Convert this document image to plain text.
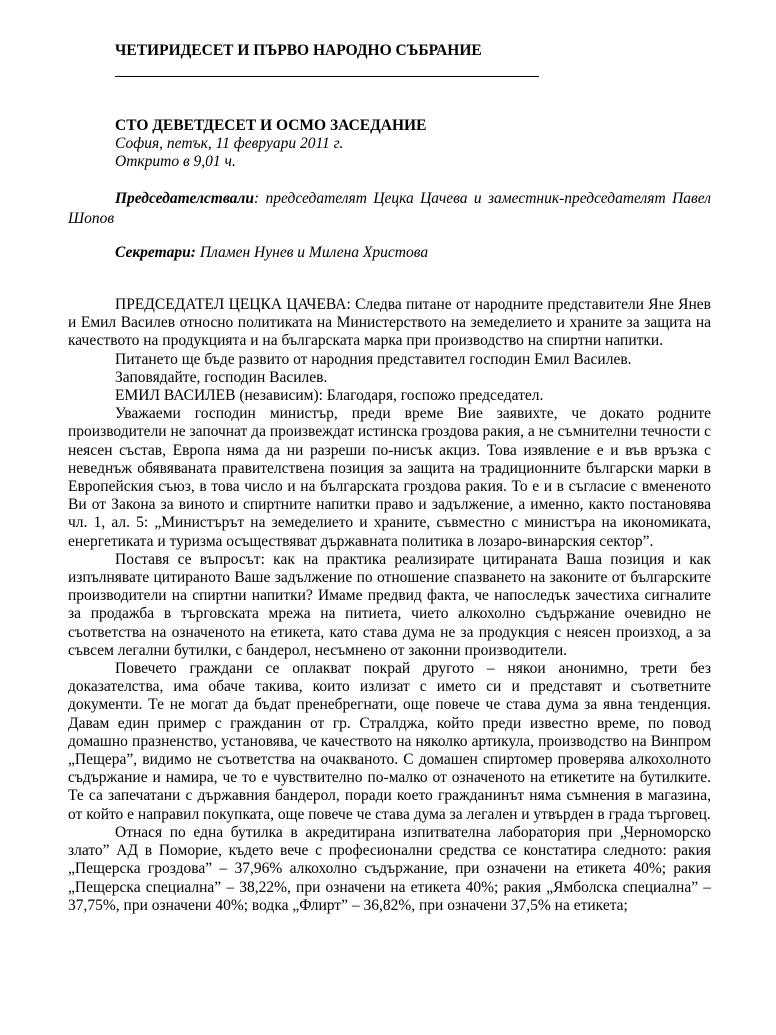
ЧЕТИРИДЕСЕТ И ПЪРВО НАРОДНО СЪБРАНИЕ
СТО ДЕВЕТДЕСЕТ И ОСМО ЗАСЕДАНИЕ
София, петък, 11 февруари 2011 г.
Открито в 9,01 ч.
Председателствали: председателят Цецка Цачева и заместник-председателят Павел Шопов
Секретари: Пламен Нунев и Милена Христова

ПРЕДСЕДАТЕЛ ЦЕЦКА ЦАЧЕВА: Следва питане от народните представители Яне Янев и Емил Василев относно политиката на Министерството на земеделието и храните за защита на качеството на продукцията и на българската марка при производство на спиртни напитки.

Питането ще бъде развито от народния представител господин Емил Василев.

Заповядайте, господин Василев.

ЕМИЛ ВАСИЛЕВ (независим): Благодаря, госпожо председател.

Уважаеми господин министър, преди време Вие заявихте, че докато родните производители не започнат да произвеждат истинска гроздова ракия, а не съмнителни течности с неясен състав, Европа няма да ни разреши по-нисък акциз. Това изявление е и във връзка с неведнъж обявяваната правителствена позиция за защита на традиционните български марки в Европейския съюз, в това число и на българската гроздова ракия. То е и в съгласие с вмененото Ви от Закона за виното и спиртните напитки право и задължение, а именно, както постановява чл. 1, ал. 5: „Министърът на земеделието и храните, съвместно с министъра на икономиката, енергетиката и туризма осъществяват държавната политика в лозаро-винарския сектор”.

Поставя се въпросът: как на практика реализирате цитираната Ваша позиция и как изпълнявате цитираното Ваше задължение по отношение спазването на законите от българските производители на спиртни напитки? Имаме предвид факта, че напоследък зачестиха сигналите за продажба в търговската мрежа на питиета, чието алкохолно съдържание очевидно не съответства на означеното на етикета, като става дума не за продукция с неясен произход, а за съвсем легални бутилки, с бандерол, несъмнено от законни производители.

Повечето граждани се оплакват покрай другото – някои анонимно, трети без доказателства, има обаче такива, които излизат с името си и представят и съответните документи. Те не могат да бъдат пренебрегнати, още повече че става дума за явна тенденция. Давам един пример с гражданин от гр. Стралджа, който преди известно време, по повод домашно празненство, установява, че качеството на няколко артикула, производство на Винпром „Пещера”, видимо не съответства на очакваното. С домашен спиртомер проверява алкохолното съдържание и намира, че то е чувствително по-малко от означеното на етикетите на бутилките. Те са запечатани с държавния бандерол, поради което гражданинът няма съмнения в магазина, от който е направил покупката, още повече че става дума за легален и утвърден в града търговец.

Отнася по една бутилка в акредитирана изпитвателна лаборатория при „Черноморско злато” АД в Поморие, където вече с професионални средства се констатира следното: ракия „Пещерска гроздова” – 37,96% алкохолно съдържание, при означени на етикета 40%; ракия „Пещерска специална” – 38,22%, при означени на етикета 40%; ракия „Ямболска специална” – 37,75%, при означени 40%; водка „Флирт” – 36,82%, при означени 37,5% на етикета;
